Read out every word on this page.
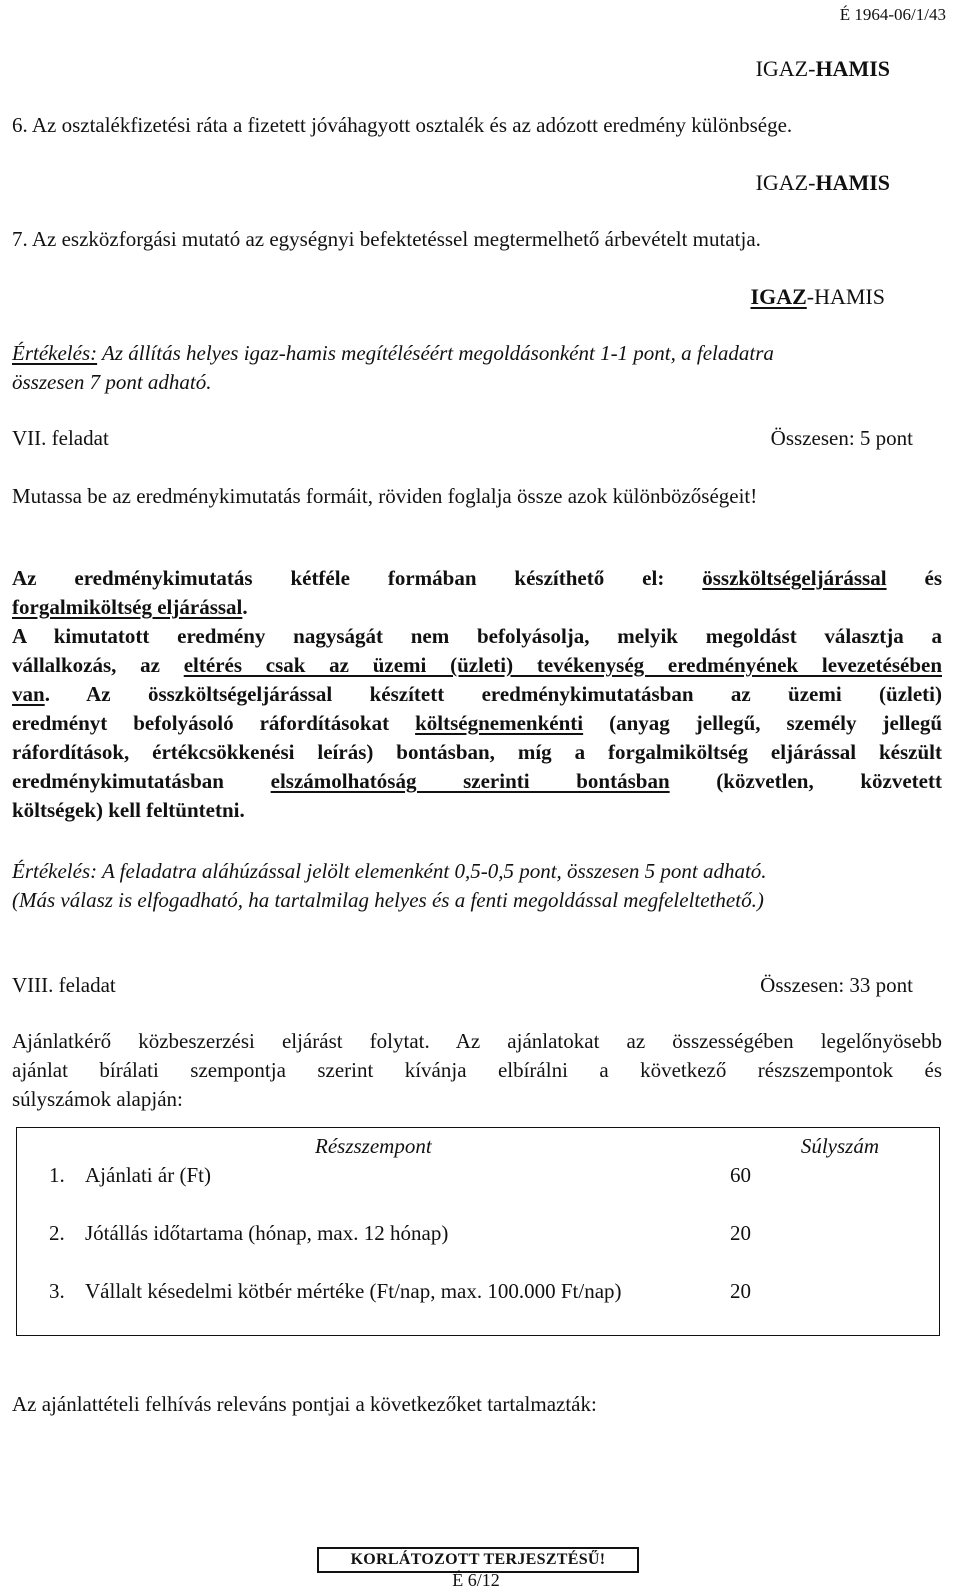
É 1964-06/1/43
IGAZ-HAMIS
6. Az osztalékfizetési ráta a fizetett jóváhagyott osztalék és az adózott eredmény különbsége.
IGAZ-HAMIS
7. Az eszközforgási mutató az egységnyi befektetéssel megtermelhető árbevételt mutatja.
IGAZ-HAMIS
Értékelés: Az állítás helyes igaz-hamis megítéléséért megoldásonként 1-1 pont, a feladatra
összesen 7 pont adható.
VII. feladat	Összesen: 5 pont
Mutassa be az eredménykimutatás formáit, röviden foglalja össze azok különbözőségeit!
Az eredménykimutatás kétféle formában készíthető el: összköltségeljárással és
forgalmiköltség eljárással.
A kimutatott eredmény nagyságát nem befolyásolja, melyik megoldást választja a
vállalkozás, az eltérés csak az üzemi (üzleti) tevékenység eredményének levezetésében
van. Az összköltségeljárással készített eredménykimutatásban az üzemi (üzleti)
eredményt befolyásoló ráfordításokat költségnemenkénti (anyag jellegű, személy jellegű
ráfordítások, értékcsökkenési leírás) bontásban, míg a forgalmiköltség eljárással készült
eredménykimutatásban elszámolhatóság szerinti bontásban (közvetlen, közvetett
költségek) kell feltüntetni.
Értékelés: A feladatra aláhúzással jelölt elemenként 0,5-0,5 pont, összesen 5 pont adható.
(Más válasz is elfogadható, ha tartalmilag helyes és a fenti megoldással megfeleltethető.)
VIII. feladat	Összesen: 33 pont
Ajánlatkérő közbeszerzési eljárást folytat. Az ajánlatokat az összességében legelőnyösebb
ajánlat bírálati szempontja szerint kívánja elbírálni a következő részszempontok és
súlyszámok alapján:
Részszempont	Súlyszám
1. Ajánlati ár (Ft)	60

2. Jótállás időtartama (hónap, max. 12 hónap)	20

3. Vállalt késedelmi kötbér mértéke (Ft/nap, max. 100.000 Ft/nap)	20

Az ajánlattételi felhívás releváns pontjai a következőket tartalmazták:
KORLÁTOZOTT TERJESZTÉSŰ!
É 6/12
